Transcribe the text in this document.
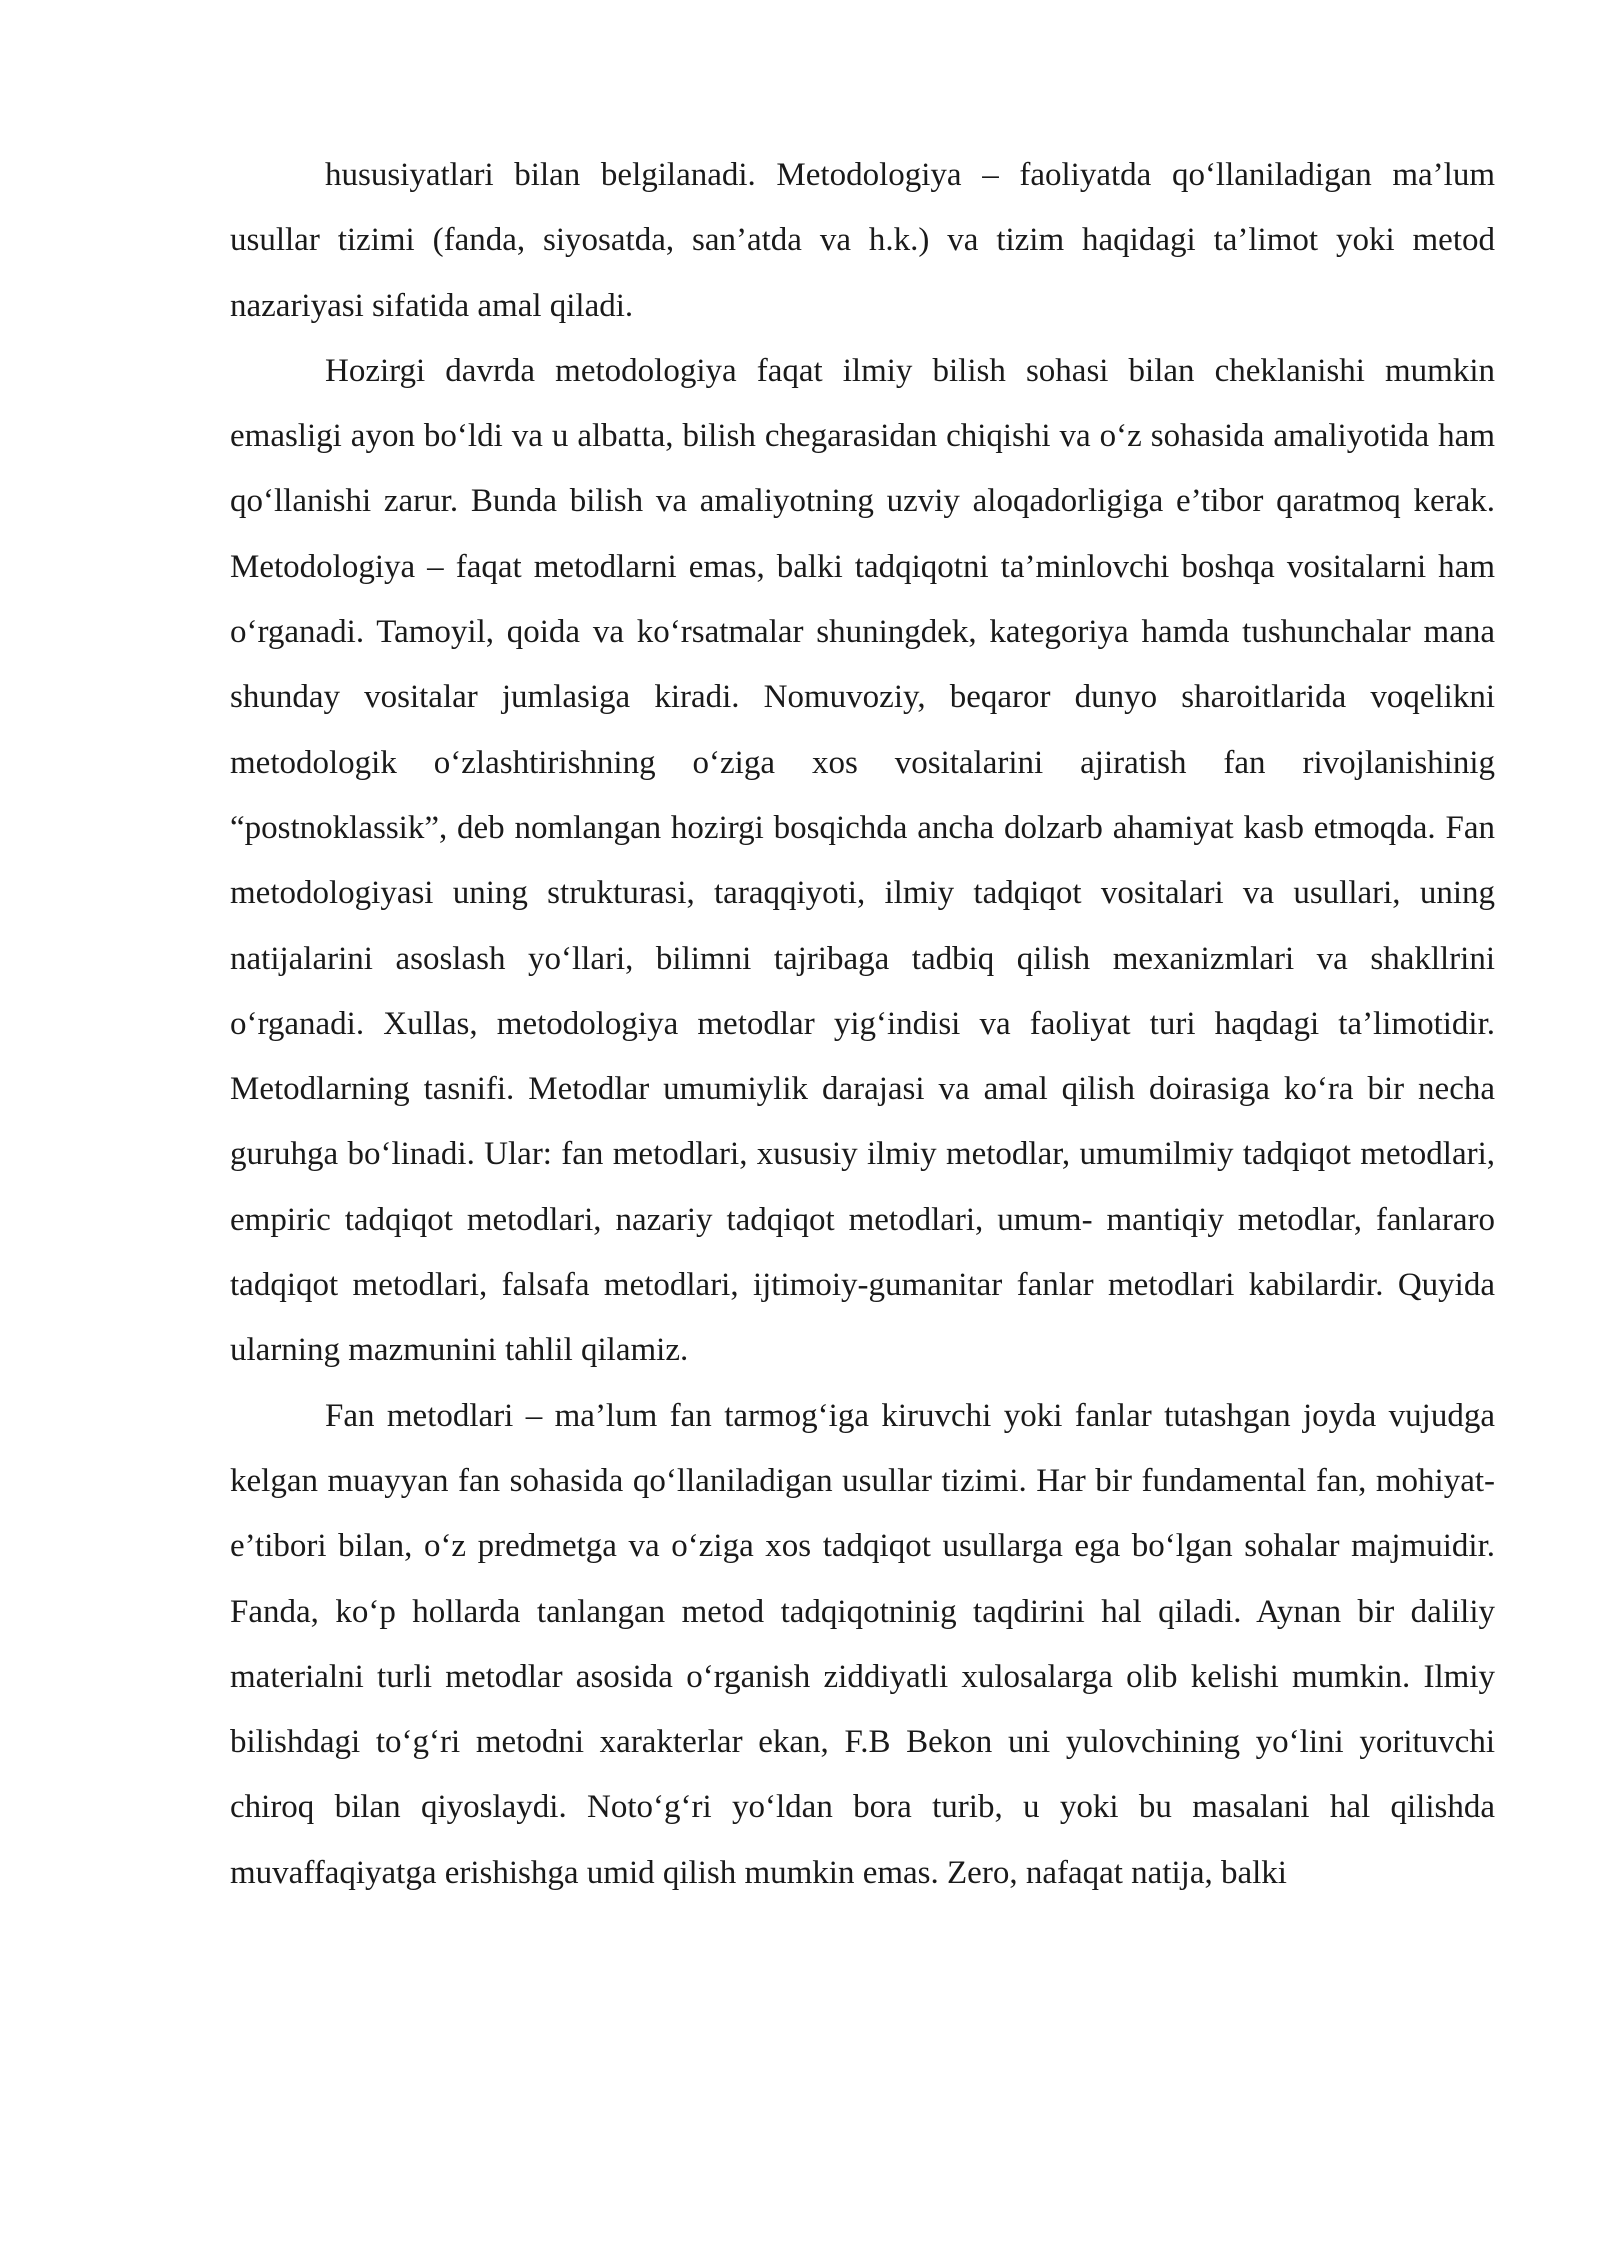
hususiyatlari bilan belgilanadi. Metodologiya – faoliyatda qo‘llaniladigan ma’lum usullar tizimi (fanda, siyosatda, san’atda va h.k.) va tizim haqidagi ta’limot yoki metod nazariyasi sifatida amal qiladi.

Hozirgi davrda metodologiya faqat ilmiy bilish sohasi bilan cheklanishi mumkin emasligi ayon bo‘ldi va u albatta, bilish chegarasidan chiqishi va o‘z sohasida amaliyotida ham qo‘llanishi zarur. Bunda bilish va amaliyotning uzviy aloqadorligiga e’tibor qaratmoq kerak. Metodologiya – faqat metodlarni emas, balki tadqiqotni ta’minlovchi boshqa vositalarni ham o‘rganadi. Tamoyil, qoida va ko‘rsatmalar shuningdek, kategoriya hamda tushunchalar mana shunday vositalar jumlasiga kiradi. Nomuvoziy, beqaror dunyo sharoitlarida voqelikni metodologik o‘zlashtirishning o‘ziga xos vositalarini ajiratish fan rivojlanishinig “postnoklassik”, deb nomlangan hozirgi bosqichda ancha dolzarb ahamiyat kasb etmoqda. Fan metodologiyasi uning strukturasi, taraqqiyoti, ilmiy tadqiqot vositalari va usullari, uning natijalarini asoslash yo‘llari, bilimni tajribaga tadbiq qilish mexanizmlari va shakllrini o‘rganadi. Xullas, metodologiya metodlar yig‘indisi va faoliyat turi haqdagi ta’limotidir. Metodlarning tasnifi. Metodlar umumiylik darajasi va amal qilish doirasiga ko‘ra bir necha guruhga bo‘linadi. Ular: fan metodlari, xususiy ilmiy metodlar, umumilmiy tadqiqot metodlari, empiric tadqiqot metodlari, nazariy tadqiqot metodlari, umum- mantiqiy metodlar, fanlararo tadqiqot metodlari, falsafa metodlari, ijtimoiy-gumanitar fanlar metodlari kabilardir. Quyida ularning mazmunini tahlil qilamiz.

Fan metodlari – ma’lum fan tarmog‘iga kiruvchi yoki fanlar tutashgan joyda vujudga kelgan muayyan fan sohasida qo‘llaniladigan usullar tizimi. Har bir fundamental fan, mohiyat- e’tibori bilan, o‘z predmetga va o‘ziga xos tadqiqot usullarga ega bo‘lgan sohalar majmuidir. Fanda, ko‘p hollarda tanlangan metod tadqiqotninig taqdirini hal qiladi. Aynan bir daliliy materialni turli metodlar asosida o‘rganish ziddiyatli xulosalarga olib kelishi mumkin. Ilmiy bilishdagi to‘g‘ri metodni xarakterlar ekan, F.B Bekon uni yulovchining yo‘lini yorituvchi chiroq bilan qiyoslaydi. Noto‘g‘ri yo‘ldan bora turib, u yoki bu masalani hal qilishda muvaffaqiyatga erishishga umid qilish mumkin emas. Zero, nafaqat natija, balki
